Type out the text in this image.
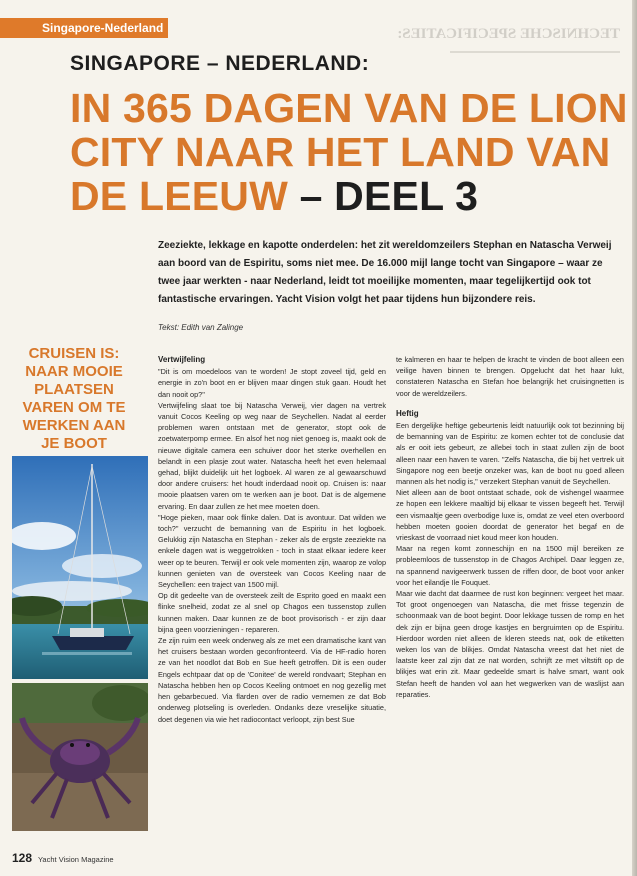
TECHNISCHE SPECIFICATIES:
Singapore-Nederland
SINGAPORE – NEDERLAND:
IN 365 DAGEN VAN DE LION CITY NAAR HET LAND VAN DE LEEUW – DEEL 3

Zeeziekte, lekkage en kapotte onderdelen: het zit wereldomzeilers Stephan en Natascha Verweij aan boord van de Espiritu, soms niet mee. De 16.000 mijl lange tocht van Singapore – waar ze twee jaar werkten - naar Nederland, leidt tot moeilijke momenten, maar tegelijkertijd ook tot fantastische ervaringen. Yacht Vision volgt het paar tijdens hun bijzondere reis.

Tekst: Edith van Zalinge

CRUISEN IS: NAAR MOOIE PLAATSEN VAREN OM TE WERKEN AAN JE BOOT

Vertwijfeling

"Dit is om moedeloos van te worden! Je stopt zoveel tijd, geld en energie in zo'n boot en er blijven maar dingen stuk gaan. Houdt het dan nooit op?"

Vertwijfeling slaat toe bij Natascha Verweij, vier dagen na vertrek vanuit Cocos Keeling op weg naar de Seychellen. Nadat al eerder problemen waren ontstaan met de generator, stopt ook de zoetwaterpomp ermee. En alsof het nog niet genoeg is, maakt ook de nieuwe digitale camera een schuiver door het sterke overhellen en belandt in een plasje zout water. Natascha heeft het even helemaal gehad, blijkt duidelijk uit het logboek. Al waren ze al gewaarschuwd door andere cruisers: het houdt inderdaad nooit op. Cruisen is: naar mooie plaatsen varen om te werken aan je boot. Dat is de algemene ervaring. En daar zullen ze het mee moeten doen.

"Hoge pieken, maar ook flinke dalen. Dat is avontuur. Dat wilden we toch?" verzucht de bemanning van de Espiritu in het logboek. Gelukkig zijn Natascha en Stephan - zeker als de ergste zeeziekte na enkele dagen wat is weggetrokken - toch in staat elkaar iedere keer weer op te beuren. Terwijl er ook vele momenten zijn, waarop ze volop kunnen genieten van de oversteek van Cocos Keeling naar de Seychellen: een traject van 1500 mijl.

Op dit gedeelte van de oversteek zeilt de Esprito goed en maakt een flinke snelheid, zodat ze al snel op Chagos een tussenstop zullen kunnen maken. Daar kunnen ze de boot provisorisch - er zijn daar bijna geen voorzieningen - repareren.

Ze zijn ruim een week onderweg als ze met een dramatische kant van het cruisers bestaan worden geconfronteerd. Via de HF-radio horen ze van het noodlot dat Bob en Sue heeft getroffen. Dit is een ouder Engels echtpaar dat op de 'Conitee' de wereld rondvaart; Stephan en Natascha hebben hen op Cocos Keeling ontmoet en nog gezellig met hen gebarbecued. Via flarden over de radio vernemen ze dat Bob onderweg plotseling is overleden. Ondanks deze vreselijke situatie, doet degenen via wie het radiocontact verloopt, zijn best Sue

te kalmeren en haar te helpen de kracht te vinden de boot alleen een veilige haven binnen te brengen. Opgelucht dat het haar lukt, constateren Natascha en Stefan hoe belangrijk het cruisingnetten is voor de wereldzeilers.

Heftig

Een dergelijke heftige gebeurtenis leidt natuurlijk ook tot bezinning bij de bemanning van de Espiritu: ze komen echter tot de conclusie dat als er ooit iets gebeurt, ze allebei toch in staat zullen zijn de boot alleen naar een haven te varen. "Zelfs Natascha, die bij het vertrek uit Singapore nog een beetje onzeker was, kan de boot nu goed alleen mannen als het nodig is," verzekert Stephan vanuit de Seychellen.

Niet alleen aan de boot ontstaat schade, ook de vishengel waarmee ze hopen een lekkere maaltijd bij elkaar te vissen begeeft het. Terwijl een vismaaltje geen overbodige luxe is, omdat ze veel eten overboord hebben moeten gooien doordat de generator het begaf en de vrieskast de voorraad niet koud meer kon houden.

Maar na regen komt zonneschijn en na 1500 mijl bereiken ze probleemloos de tussenstop in de Chagos Archipel. Daar leggen ze, na spannend navigeerwerk tussen de riffen door, de boot voor anker voor het eilandje Ile Fouquet.

Maar wie dacht dat daarmee de rust kon beginnen: vergeet het maar. Tot groot ongenoegen van Natascha, die met frisse tegenzin de schoonmaak van de boot begint. Door lekkage tussen de romp en het dek zijn er bijna geen droge kastjes en bergruimten op de Espiritu. Hierdoor worden niet alleen de kleren steeds nat, ook de etiketten weken los van de blikjes. Omdat Natascha vreest dat het niet de laatste keer zal zijn dat ze nat worden, schrijft ze met viltstift op de blikjes wat erin zit. Maar gedeelde smart is halve smart, want ook Stefan heeft de handen vol aan het wegwerken van de waslijst aan reparaties.

128 Yacht Vision Magazine
